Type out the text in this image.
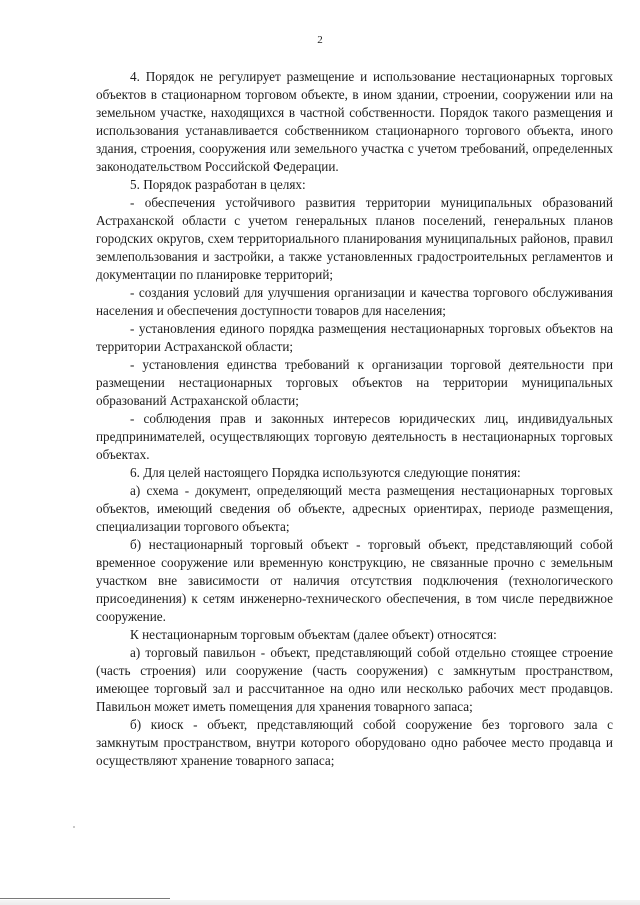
2

4. Порядок не регулирует размещение и использование нестационарных торговых объектов в стационарном торговом объекте, в ином здании, строении, сооружении или на земельном участке, находящихся в частной собственности. Порядок такого размещения и использования устанавливается собственником стационарного торгового объекта, иного здания, строения, сооружения или земельного участка с учетом требований, определенных законодательством Российской Федерации.

5. Порядок разработан в целях:

- обеспечения устойчивого развития территории муниципальных образований Астраханской области с учетом генеральных планов поселений, генеральных планов городских округов, схем территориального планирования муниципальных районов, правил землепользования и застройки, а также установленных градостроительных регламентов и документации по планировке территорий;

- создания условий для улучшения организации и качества торгового обслуживания населения и обеспечения доступности товаров для населения;

- установления единого порядка размещения нестационарных торговых объектов на территории Астраханской области;

- установления единства требований к организации торговой деятельности при размещении нестационарных торговых объектов на территории муниципальных образований Астраханской области;

- соблюдения прав и законных интересов юридических лиц, индивидуальных предпринимателей, осуществляющих торговую деятельность в нестационарных торговых объектах.

6. Для целей настоящего Порядка используются следующие понятия:

а) схема - документ, определяющий места размещения нестационарных торговых объектов, имеющий сведения об объекте, адресных ориентирах, периоде размещения, специализации торгового объекта;

б) нестационарный торговый объект - торговый объект, представляющий собой временное сооружение или временную конструкцию, не связанные прочно с земельным участком вне зависимости от наличия отсутствия подключения (технологического присоединения) к сетям инженерно-технического обеспечения, в том числе передвижное сооружение.

К нестационарным торговым объектам (далее объект) относятся:

а) торговый павильон - объект, представляющий собой отдельно стоящее строение (часть строения) или сооружение (часть сооружения) с замкнутым пространством, имеющее торговый зал и рассчитанное на одно или несколько рабочих мест продавцов. Павильон может иметь помещения для хранения товарного запаса;

б) киоск - объект, представляющий собой сооружение без торгового зала с замкнутым пространством, внутри которого оборудовано одно рабочее место продавца и осуществляют хранение товарного запаса;
